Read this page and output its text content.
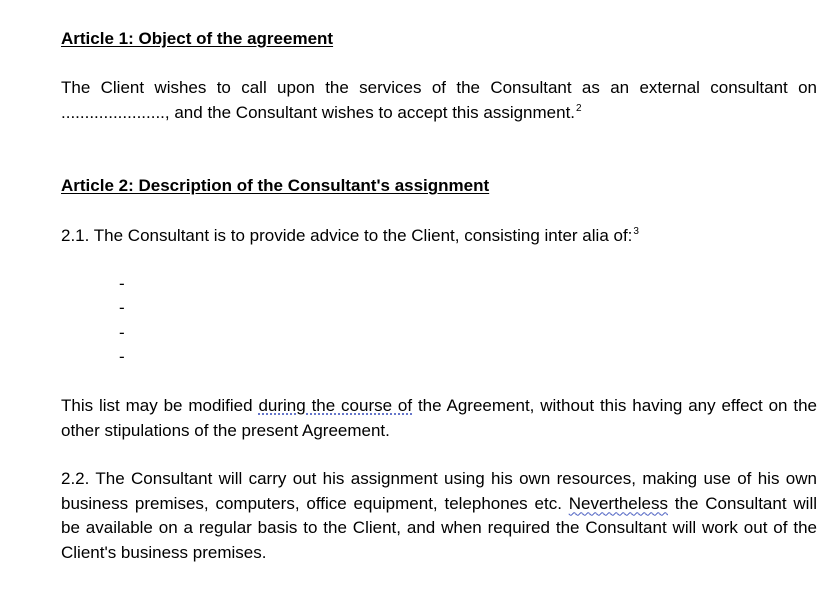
Article 1: Object of the agreement
The Client wishes to call upon the services of the Consultant as an external consultant on ......................, and the Consultant wishes to accept this assignment.$^2$
Article 2: Description of the Consultant's assignment
2.1. The Consultant is to provide advice to the Client, consisting inter alia of:$^3$
-
-
-
-
This list may be modified during the course of the Agreement, without this having any effect on the other stipulations of the present Agreement.
2.2. The Consultant will carry out his assignment using his own resources, making use of his own business premises, computers, office equipment, telephones etc. Nevertheless the Consultant will be available on a regular basis to the Client, and when required the Consultant will work out of the Client's business premises.
